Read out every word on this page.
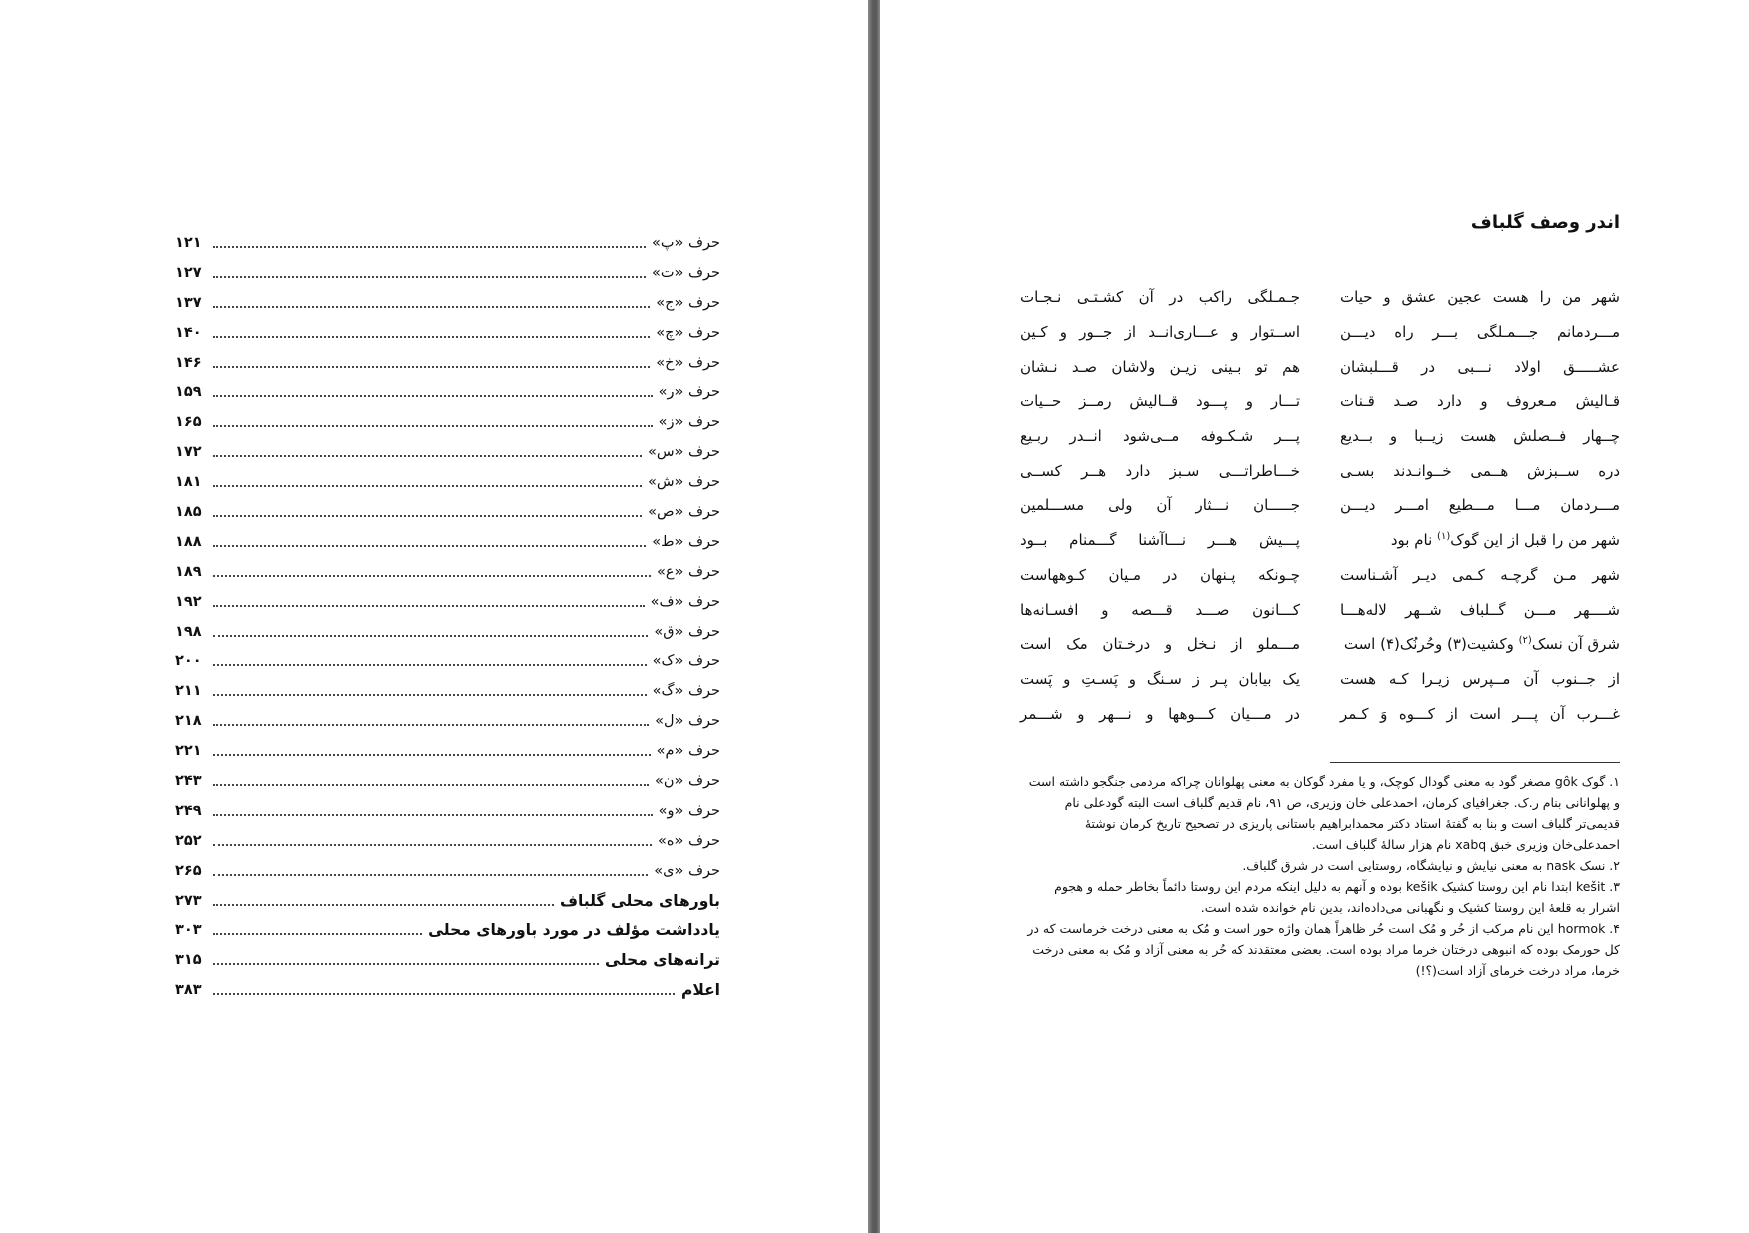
حرف «پ»
۱۲۱
حرف «ت»
۱۲۷
حرف «ج»
۱۳۷
حرف «چ»
۱۴۰
حرف «خ»
۱۴۶
حرف «ر»
۱۵۹
حرف «ز»
۱۶۵
حرف «س»
۱۷۲
حرف «ش»
۱۸۱
حرف «ص»
۱۸۵
حرف «ط»
۱۸۸
حرف «ع»
۱۸۹
حرف «ف»
۱۹۲
حرف «ق»
۱۹۸
حرف «ک»
۲۰۰
حرف «گ»
۲۱۱
حرف «ل»
۲۱۸
حرف «م»
۲۲۱
حرف «ن»
۲۴۳
حرف «و»
۲۴۹
حرف «ه»
۲۵۲
حرف «ی»
۲۶۵
باورهای محلی گلباف
۲۷۳
یادداشت مؤلف در مورد باورهای محلی
۳۰۳
ترانه‌های محلی
۳۱۵
اعلام
۳۸۳
اندر وصف گلباف
شهر من را هست عجین عشق و حیات
جـمـلگی راکب در آن کشـتـی نـجـات
مـــردمانم جـــمـلگی بـــر راه دیـــن
اســتوار و عـــاری‌انــد از جــور و کـین
عشـــــق اولاد نـــبی در قـــلبشان
هم تو بـینی زیـن ولاشان صـد نـشان
قـالیش مـعروف و دارد صـد قـنات
تـــار و پـــود قــالیش رمــز حــیات
چــهار فــصلش هست زیــبا و بــدیع
پـــر شـکـوفه مــی‌شود انــدر ربـیع
دره ســبزش هــمی خــوانـدند بسـی
خـــاطراتـــی سـبز دارد هــر کســی
مـــردمان مـــا مـــطیع امـــر دیـــن
جـــــان نـــثار آن ولی مســـلمین
شهر من را قبل از این گوک$^{(۱)}$ نام بود
پـــیش هـــر نـــاآشنا گـــمنام بــود
شهر مـن گرچـه کـمی دیـر آشـناست
چـونکه پـنهان در مـیان کـوههاست
شــــهر مـــن گــلباف شــهر لاله‌هـــا
کـــانون صـــد قـــصه و افسـانه‌ها
شرق آن نسک$^{(۲)}$ وکشیت(۳) وحُرنُک(۴) است
مـــملو از نـخل و درخـتان مک است
از جــنوب آن مــپرس زیـرا کـه هست
یک بیابان پـر ز سـنگ و پَسـتِ و پَست
غـــرب آن پـــر است از کـــوه وَ کـمر
در مـــیان کـــوهها و نـــهر و شـــمر

۱. گوک gôk مصغر گود به معنی گودال کوچک، و یا مفرد گوکان به معنی پهلوانان چراکه مردمی جنگجو داشته است و پهلوانانی بنام ر.ک. جغرافیای کرمان، احمدعلی خان وزیری، ص ۹۱، نام قدیم گلباف است البته گودعلی نام قدیمی‌تر گلباف است و بنا به گفتهٔ استاد دکتر محمدابراهیم باستانی پاریزی در تصحیح تاریخ کرمان نوشتهٔ احمدعلی‌خان وزیری خبق xabq نام هزار سالهٔ گلباف است.

۲. نسک nask به معنی نیایش و نیایشگاه، روستایی است در شرق گلباف.

۳. kešit ابتدا نام این روستا کشیک kešik بوده و آنهم به دلیل اینکه مردم این روستا دائماً بخاطر حمله و هجوم اشرار به قلعهٔ این روستا کشیک و نگهبانی می‌داده‌اند، بدین نام خوانده شده است.

۴. hormok این نام مرکب از حُر و مُک است حُر ظاهراً همان واژه حور است و مُک به معنی درخت خرماست که در کل حورمک بوده که انبوهی درختان خرما مراد بوده است. بعضی معتقدند که حُر به معنی آزاد و مُک به معنی درخت خرما، مراد درخت خرمای آزاد است(؟!)
